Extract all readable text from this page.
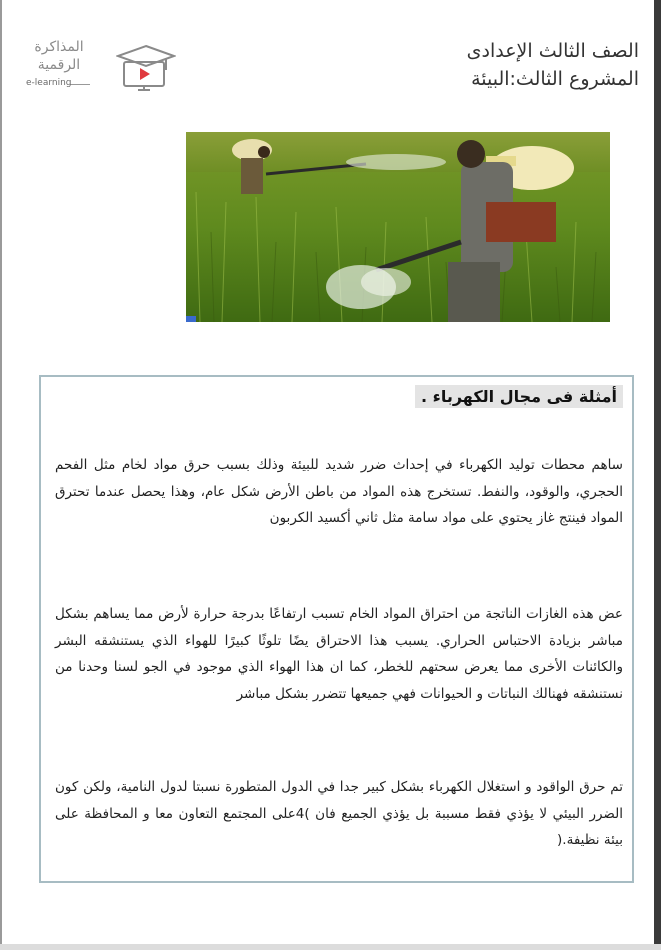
الصف الثالث الإعدادى
المشروع الثالث:البيئة
المذاكرة
الرقمية
e-learning
أمثلة فى مجال الكهرباء .
ساهم محطات توليد الكهرباء في إحداث ضرر شديد للبيئة وذلك بسبب حرق مواد لخام مثل الفحم الحجري، والوقود، والنفط. تستخرج هذه المواد من باطن الأرض شكل عام، وهذا يحصل عندما تحترق المواد فينتج غاز يحتوي على مواد سامة مثل ثاني أكسيد الكربون
عض هذه الغازات الناتجة من احتراق المواد الخام تسبب ارتفاعًا بدرجة حرارة لأرض مما يساهم بشكل مباشر بزيادة الاحتباس الحراري. يسبب هذا الاحتراق يضًا تلوثًا كبيرًا للهواء الذي يستنشقه البشر والكائنات الأخرى مما يعرض سحتهم للخطر، كما ان هذا الهواء الذي موجود في الجو لسنا وحدنا من نستنشقه فهنالك النباتات و الحيوانات فهي جميعها تتضرر بشكل مباشر
تم حرق الواقود و استغلال الكهرباء بشكل كبير جدا في الدول المتطورة نسبتا لدول النامية، ولكن كون الضرر البيئي لا يؤذي فقط مسببة بل يؤذي الجميع فان )4على المجتمع التعاون معا و المحافظة على بيئة نظيفة.(
